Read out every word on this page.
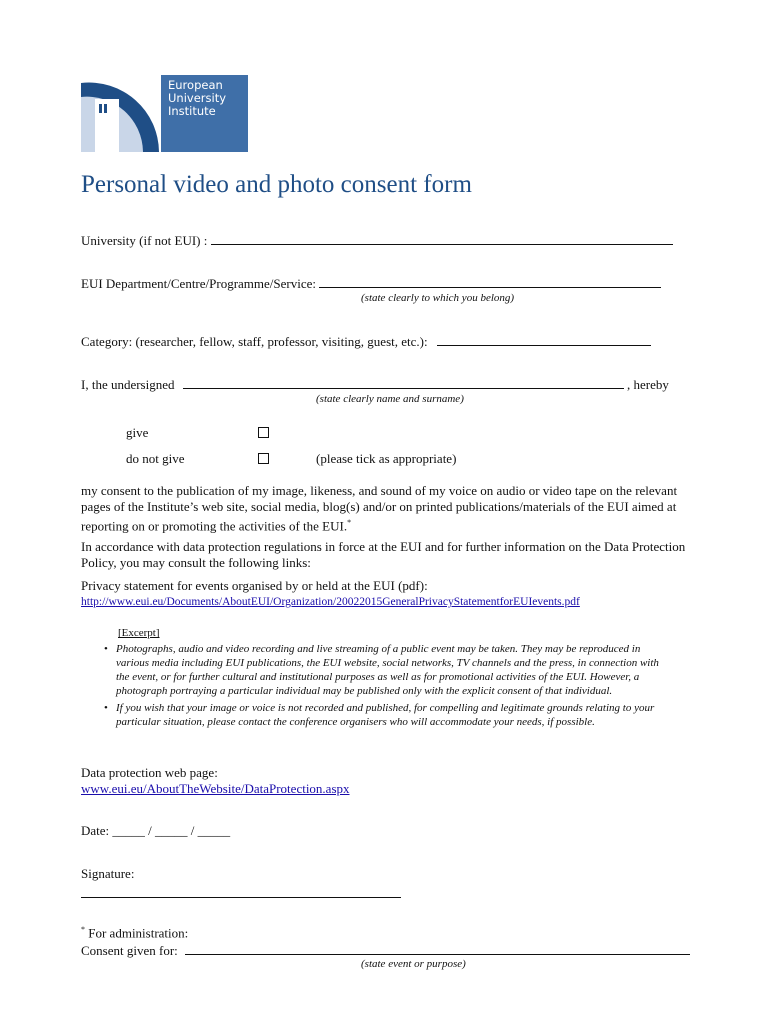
European
University
Institute
Personal video and photo consent form
University (if not EUI) :
EUI Department/Centre/Programme/Service:
(state clearly to which you belong)
Category: (researcher, fellow, staff, professor, visiting, guest, etc.):
I, the undersigned	, hereby
(state clearly name and surname)
give
do not give	(please tick as appropriate)
my consent to the publication of my image, likeness, and sound of my voice on audio or video tape on the relevant pages of the Institute’s web site, social media, blog(s) and/or on printed publications/materials of the EUI aimed at reporting on or promoting the activities of the EUI.*
In accordance with data protection regulations in force at the EUI and for further information on the Data Protection Policy, you may consult the following links:
Privacy statement for events organised by or held at the EUI (pdf):
http://www.eui.eu/Documents/AboutEUI/Organization/20022015GeneralPrivacyStatementforEUIevents.pdf
[Excerpt]

• Photographs, audio and video recording and live streaming of a public event may be taken. They may be reproduced in various media including EUI publications, the EUI website, social networks, TV channels and the press, in connection with the event, or for further cultural and institutional purposes as well as for promotional activities of the EUI. However, a photograph portraying a particular individual may be published only with the explicit consent of that individual.

• If you wish that your image or voice is not recorded and published, for compelling and legitimate grounds relating to your particular situation, please contact the conference organisers who will accommodate your needs, if possible.

Data protection web page:
www.eui.eu/AboutTheWebsite/DataProtection.aspx
Date: _____ / _____ / _____
Signature:
* For administration:
Consent given for:
(state event or purpose)
